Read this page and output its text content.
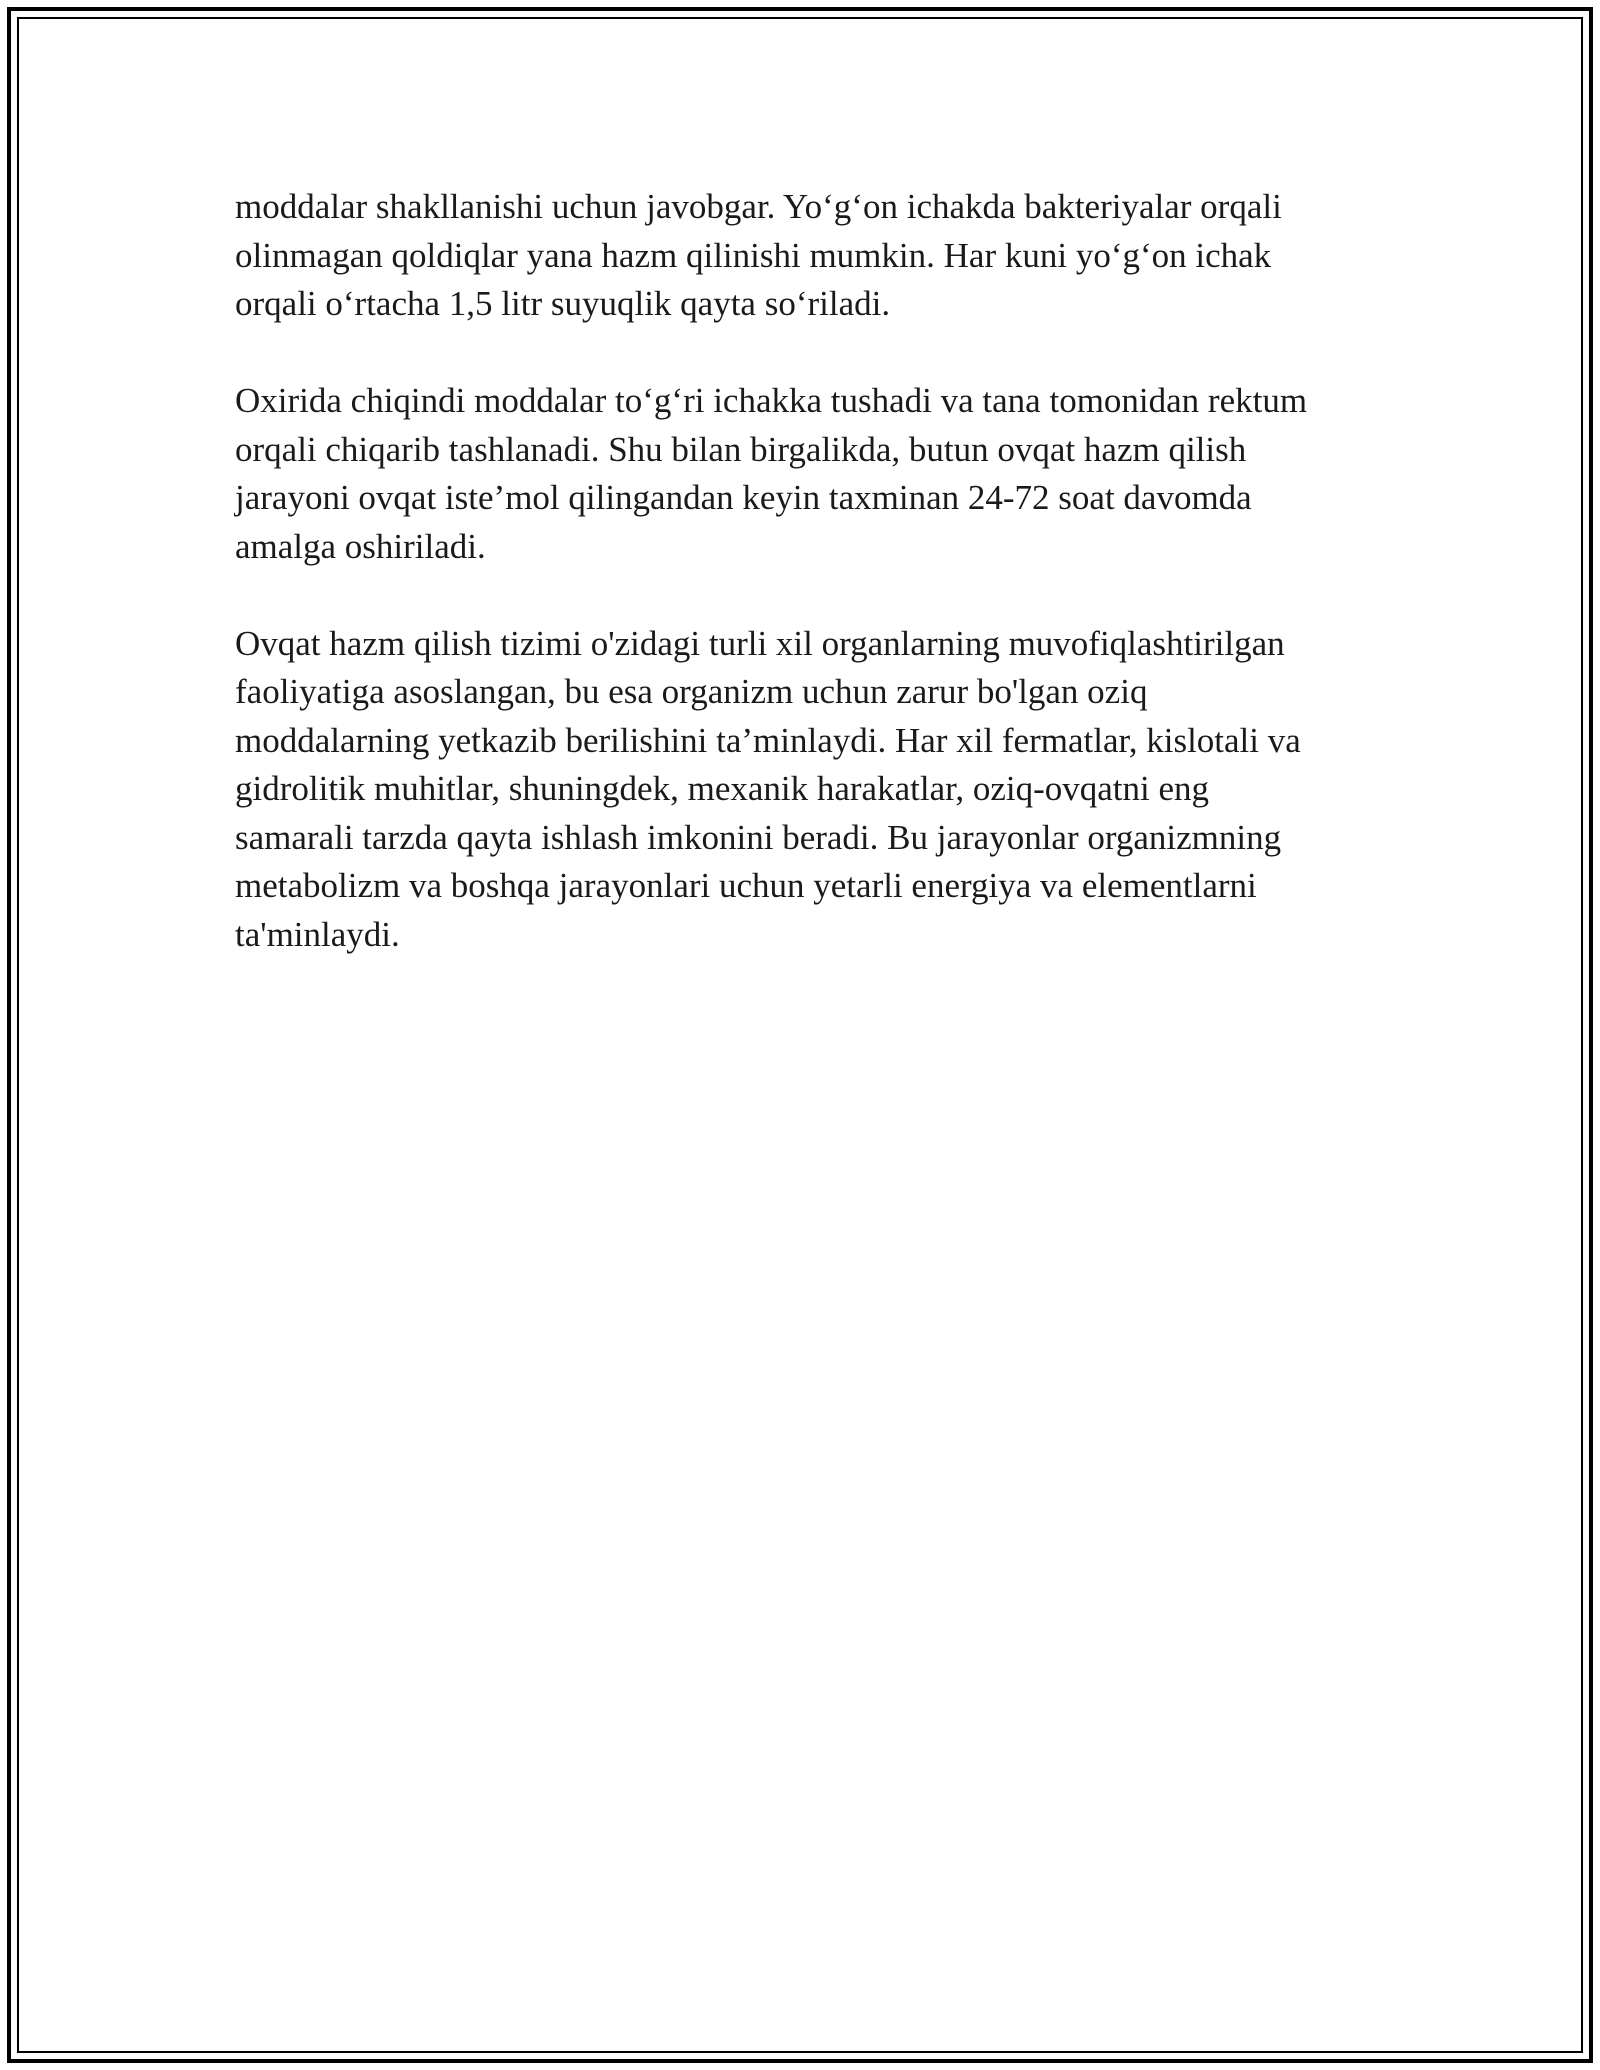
moddalar shakllanishi uchun javobgar. Yo‘g‘on ichakda bakteriyalar orqali
olinmagan qoldiqlar yana hazm qilinishi mumkin. Har kuni yo‘g‘on ichak
orqali o‘rtacha 1,5 litr suyuqlik qayta so‘riladi.

Oxirida chiqindi moddalar to‘g‘ri ichakka tushadi va tana tomonidan rektum
orqali chiqarib tashlanadi. Shu bilan birgalikda, butun ovqat hazm qilish
jarayoni ovqat iste’mol qilingandan keyin taxminan 24-72 soat davomda
amalga oshiriladi.

Ovqat hazm qilish tizimi o'zidagi turli xil organlarning muvofiqlashtirilgan
faoliyatiga asoslangan, bu esa organizm uchun zarur bo'lgan oziq
moddalarning yetkazib berilishini ta’minlaydi. Har xil fermatlar, kislotali va
gidrolitik muhitlar, shuningdek, mexanik harakatlar, oziq-ovqatni eng
samarali tarzda qayta ishlash imkonini beradi. Bu jarayonlar organizmning
metabolizm va boshqa jarayonlari uchun yetarli energiya va elementlarni
ta'minlaydi.
